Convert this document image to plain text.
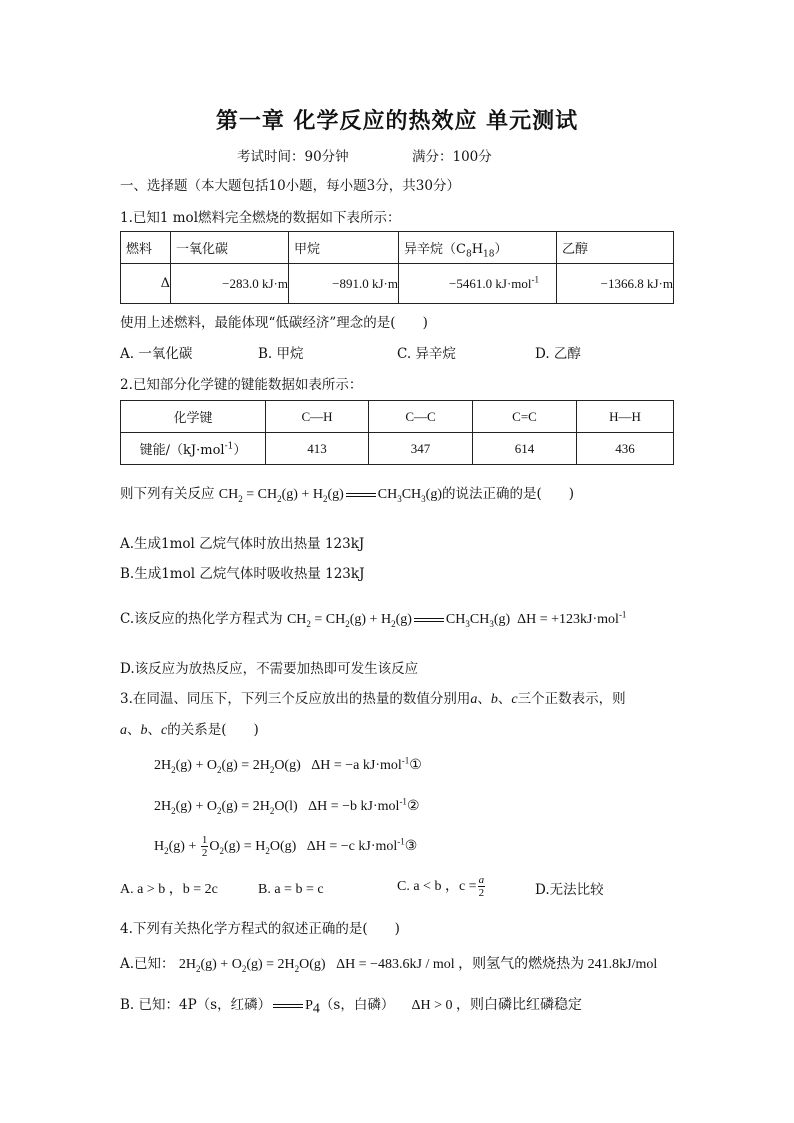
第一章 化学反应的热效应 单元测试
考试时间：90分钟	满分：100分
一、选择题（本大题包括10小题，每小题3分，共30分）
1.已知1 mol燃料完全燃烧的数据如下表所示：
燃料	一氧化碳	甲烷	异辛烷$(C_8H_{18})$	乙醇
Δ	−283.0 kJ·m	−891.0 kJ·m	−5461.0 kJ·mol$^{-1}$	−1366.8 kJ·m
使用上述燃料，最能体现“低碳经济”理念的是(　　)
A. 一氧化碳	B. 甲烷	C. 异辛烷	D. 乙醇
2.已知部分化学键的键能数据如表所示：
化学键	C—H	C—C	C=C	H—H
键能/（kJ·mol$^{-1}$）	413	347	614	436
则下列有关反应 $CH_2 = CH_2(g) + H_2(g)$ $CH_3CH_3(g)$的说法正确的是(　　)
A.生成1mol 乙烷气体时放出热量 123kJ
B.生成1mol 乙烷气体时吸收热量 123kJ
C.该反应的热化学方程式为 $CH_2 = CH_2(g) + H_2(g)$ $CH_3CH_3(g) \Delta H = +123kJ\cdot mol^{-1}$
D.该反应为放热反应，不需要加热即可发生该反应
3.在同温、同压下，下列三个反应放出的热量的数值分别用a、b、c三个正数表示，则
a、b、c的关系是(　　)
$2H_2(g) + O_2(g) = 2H_2O(g) \Delta H = -a$ kJ·mol$^{-1}$①
$2H_2(g) + O_2(g) = 2H_2O(l) \Delta H = -b$ kJ·mol$^{-1}$②
$H_2(g) + \frac{1}{2} O_2(g) = H_2O(g) \Delta H = -c$ kJ·mol$^{-1}$③
A. a > b ，b = 2c	B. a = b = c	C. a < b ，$c = \frac{a}{2}$	D.无法比较
4.下列有关热化学方程式的叙述正确的是(　　)
A.已知： $2H_2(g) + O_2(g) = 2H_2O(g) \Delta H = -483.6kJ$ / mol ，则氢气的燃烧热为 241.8kJ/mol
B. 已知：4P（s，红磷） $P_4(s$，白磷） ΔH > 0 ，则白磷比红磷稳定
